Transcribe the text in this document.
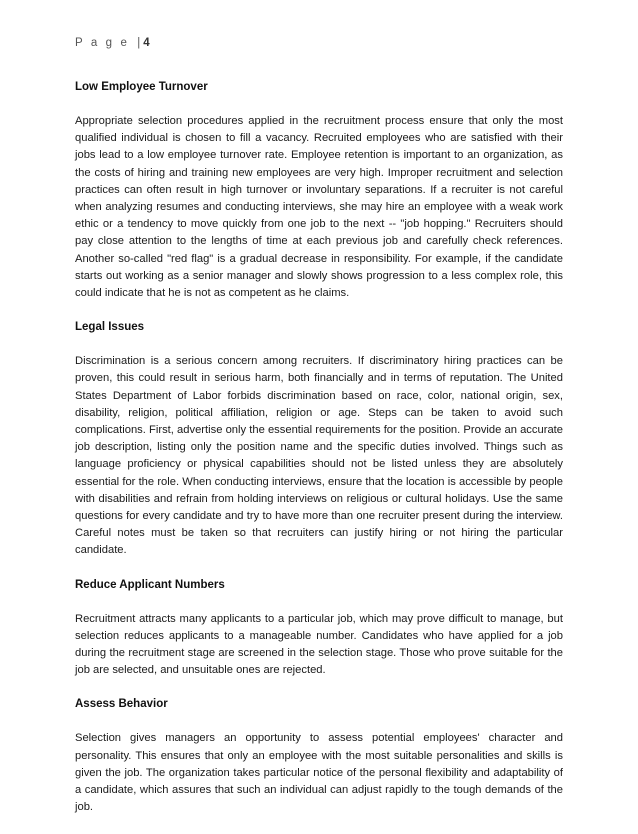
P a g e | 4
Low Employee Turnover

Appropriate selection procedures applied in the recruitment process ensure that only the most qualified individual is chosen to fill a vacancy. Recruited employees who are satisfied with their jobs lead to a low employee turnover rate. Employee retention is important to an organization, as the costs of hiring and training new employees are very high. Improper recruitment and selection practices can often result in high turnover or involuntary separations. If a recruiter is not careful when analyzing resumes and conducting interviews, she may hire an employee with a weak work ethic or a tendency to move quickly from one job to the next -- "job hopping." Recruiters should pay close attention to the lengths of time at each previous job and carefully check references. Another so-called "red flag" is a gradual decrease in responsibility. For example, if the candidate starts out working as a senior manager and slowly shows progression to a less complex role, this could indicate that he is not as competent as he claims.

Legal Issues

Discrimination is a serious concern among recruiters. If discriminatory hiring practices can be proven, this could result in serious harm, both financially and in terms of reputation. The United States Department of Labor forbids discrimination based on race, color, national origin, sex, disability, religion, political affiliation, religion or age. Steps can be taken to avoid such complications. First, advertise only the essential requirements for the position. Provide an accurate job description, listing only the position name and the specific duties involved. Things such as language proficiency or physical capabilities should not be listed unless they are absolutely essential for the role. When conducting interviews, ensure that the location is accessible by people with disabilities and refrain from holding interviews on religious or cultural holidays. Use the same questions for every candidate and try to have more than one recruiter present during the interview. Careful notes must be taken so that recruiters can justify hiring or not hiring the particular candidate.

Reduce Applicant Numbers

Recruitment attracts many applicants to a particular job, which may prove difficult to manage, but selection reduces applicants to a manageable number. Candidates who have applied for a job during the recruitment stage are screened in the selection stage. Those who prove suitable for the job are selected, and unsuitable ones are rejected.

Assess Behavior

Selection gives managers an opportunity to assess potential employees' character and personality. This ensures that only an employee with the most suitable personalities and skills is given the job. The organization takes particular notice of the personal flexibility and adaptability of a candidate, which assures that such an individual can adjust rapidly to the tough demands of the job.
